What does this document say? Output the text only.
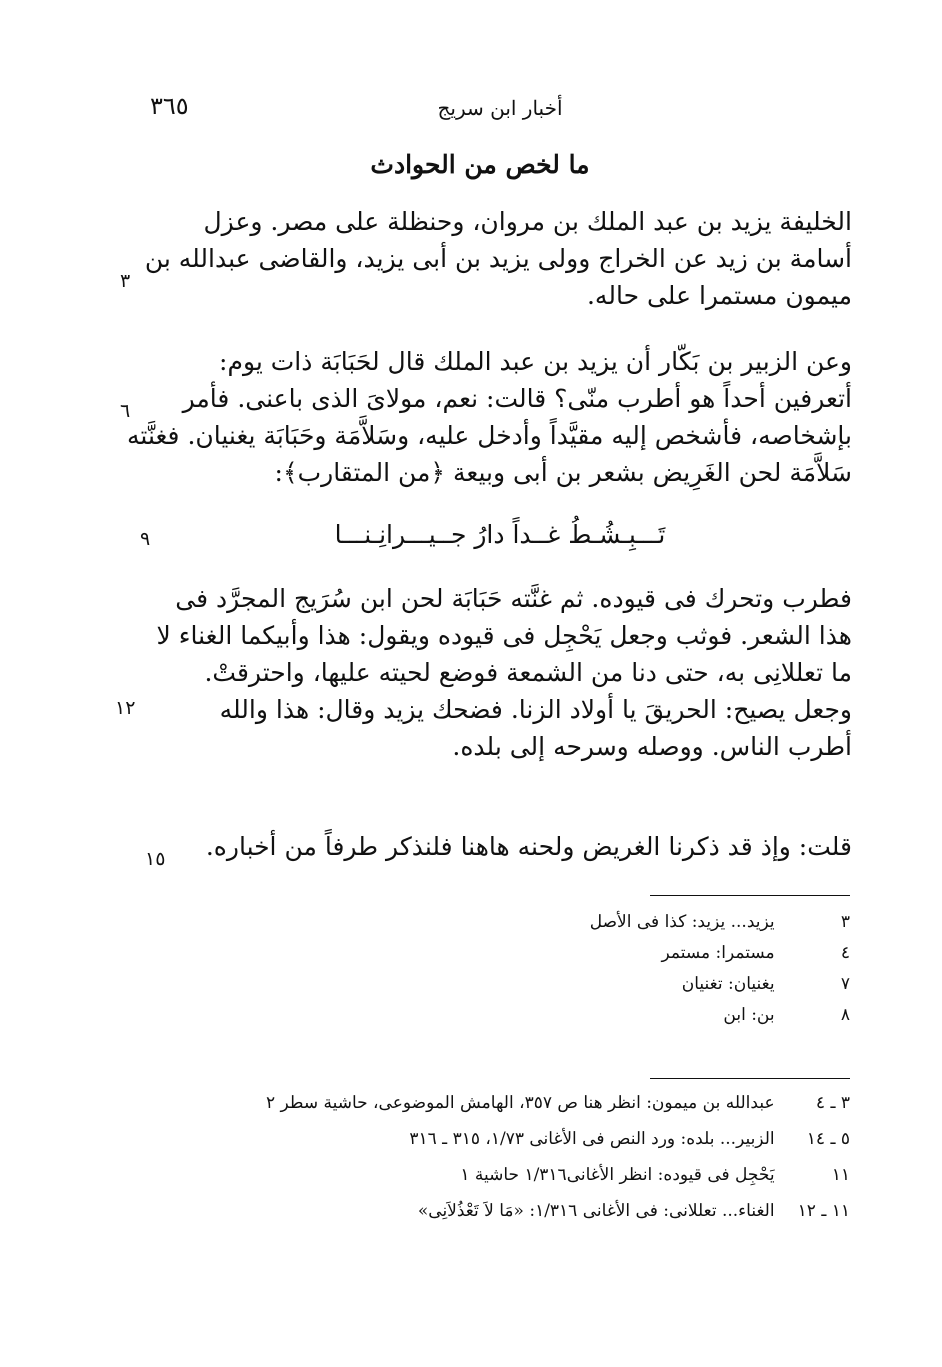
٣٦٥	أخبار ابن سريج
ما لخص من الحوادث
الخليفة يزيد بن عبد الملك بن مروان، وحنظلة على مصر. وعزل
أسامة بن زيد عن الخراج وولى يزيد بن أبى يزيد، والقاضى عبدالله بن
ميمون مستمرا على حاله.
٣
وعن الزبير بن بَكّار أن يزيد بن عبد الملك قال لحَبَابَة ذات يوم:
أتعرفين أحداً هو أطرب منّى؟ قالت: نعم، مولاىَ الذى باعنى. فأمر
بإشخاصه، فأشخص إليه مقيَّداً وأدخل عليه، وسَلاَّمَة وحَبَابَة يغنيان. فغنَّته
سَلاَّمَة لحن الغَرِيض بشعر بن أبى وبيعة ﴿من المتقارب﴾:
٦
تَـــبِـشُـطُ غــداً دارُ جــيـــرانِـنـــا
٩
فطرب وتحرك فى قيوده. ثم غنَّته حَبَابَة لحن ابن سُرَيج المجرَّد فى
هذا الشعر. فوثب وجعل يَحْجِل فى قيوده ويقول: هذا وأبيكما الغناء لا
ما تعللانِى به، حتى دنا من الشمعة فوضع لحيته عليها، واحترقتْ.
وجعل يصيح: الحريقَ يا أولاد الزنا. فضحك يزيد وقال: هذا والله
أطرب الناس. ووصله وسرحه إلى بلده.
١٢
قلت: وإذ قد ذكرنا الغريض ولحنه هاهنا فلنذكر طرفاً من أخباره.
١٥
٣ يزيد... يزيد: كذا فى الأصل
٤ مستمرا: مستمر
٧ يغنيان: تغنيان
٨ بن: ابن
٣ ـ ٤ عبدالله بن ميمون: انظر هنا ص ٣٥٧، الهامش الموضوعى، حاشية سطر ٢
٥ ـ ١٤ الزبير... بلده: ورد النص فى الأغانى ١/٧٣، ٣١٥ ـ ٣١٦
١١ يَحْجِل فى قيوده: انظر الأغانى١/٣١٦ حاشية ١
١١ ـ ١٢ الغناء... تعللانى: فى الأغانى ١/٣١٦: «مَا لاَ تَعْذُلاَنِى»
